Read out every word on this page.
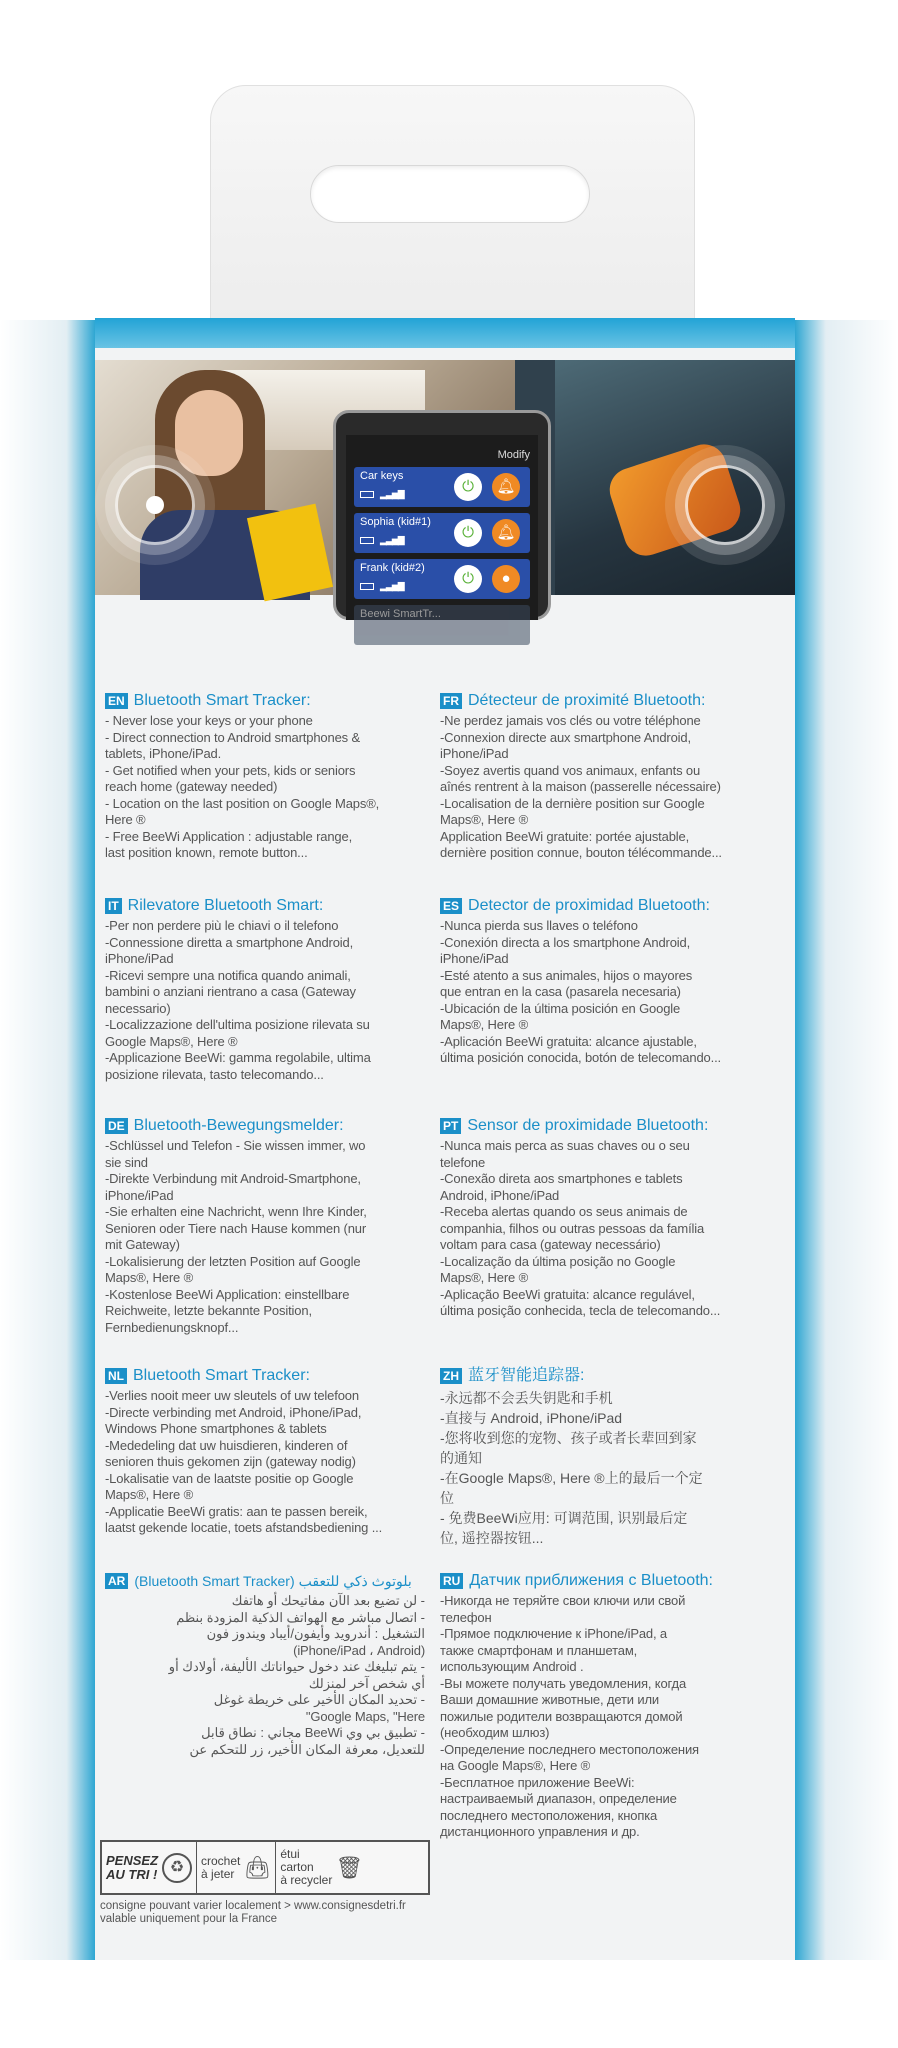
Modify
Car keys
▂▃▅▇	⏻	🔔︎
Sophia (kid#1)
▂▃▅▇	⏻	🔔︎
Frank (kid#2)
▂▃▅▇	⏻	●
Beewi SmartTr...
EN Bluetooth Smart Tracker:
- Never lose your keys or your phone
- Direct connection to Android smartphones &
tablets, iPhone/iPad.
- Get notified when your pets, kids or seniors
reach home (gateway needed)
- Location on the last position on Google Maps®,
Here ®
- Free BeeWi Application : adjustable range,
last position known, remote button...
IT Rilevatore Bluetooth Smart:
-Per non perdere più le chiavi o il telefono
-Connessione diretta a smartphone Android,
iPhone/iPad
-Ricevi sempre una notifica quando animali,
bambini o anziani rientrano a casa (Gateway
necessario)
-Localizzazione dell'ultima posizione rilevata su
Google Maps®, Here ®
-Applicazione BeeWi: gamma regolabile, ultima
posizione rilevata, tasto telecomando...
DE Bluetooth-Bewegungsmelder:
-Schlüssel und Telefon - Sie wissen immer, wo
sie sind
-Direkte Verbindung mit Android-Smartphone,
iPhone/iPad
-Sie erhalten eine Nachricht, wenn Ihre Kinder,
Senioren oder Tiere nach Hause kommen (nur
mit Gateway)
-Lokalisierung der letzten Position auf Google
Maps®, Here ®
-Kostenlose BeeWi Application: einstellbare
Reichweite, letzte bekannte Position,
Fernbedienungsknopf...
NL Bluetooth Smart Tracker:
-Verlies nooit meer uw sleutels of uw telefoon
-Directe verbinding met Android, iPhone/iPad,
Windows Phone smartphones & tablets
-Mededeling dat uw huisdieren, kinderen of
senioren thuis gekomen zijn (gateway nodig)
-Lokalisatie van de laatste positie op Google
Maps®, Here ®
-Applicatie BeeWi gratis: aan te passen bereik,
laatst gekende locatie, toets afstandsbediening ...
AR (Bluetooth Smart Tracker) بلوتوث ذكي للتعقب
- لن تضيع بعد الآن مفاتيحك أو هاتفك
- اتصال مباشر مع الهواتف الذكية المزودة بنظم
التشغيل : أندرويد وأيفون/أيباد ويندوز فون
(iPhone/iPad ، Android)
- يتم تبليغك عند دخول حيواناتك الأليفة، أولادك أو
أي شخص آخر لمنزلك
- تحديد المكان الأخير على خريطة غوغل
"Google Maps, "Here
- تطبيق بي وي BeeWi مجاني : نطاق قابل
للتعديل، معرفة المكان الأخير، زر للتحكم عن
FR Détecteur de proximité Bluetooth:
-Ne perdez jamais vos clés ou votre téléphone
-Connexion directe aux smartphone Android,
iPhone/iPad
-Soyez avertis quand vos animaux, enfants ou
aînés rentrent à la maison (passerelle nécessaire)
-Localisation de la dernière position sur Google
Maps®, Here ®
Application BeeWi gratuite: portée ajustable,
dernière position connue, bouton télécommande...
ES Detector de proximidad Bluetooth:
-Nunca pierda sus llaves o teléfono
-Conexión directa a los smartphone Android,
iPhone/iPad
-Esté atento a sus animales, hijos o mayores
que entran en la casa (pasarela necesaria)
-Ubicación de la última posición en Google
Maps®, Here ®
-Aplicación BeeWi gratuita: alcance ajustable,
última posición conocida, botón de telecomando...
PT Sensor de proximidade Bluetooth:
-Nunca mais perca as suas chaves ou o seu
telefone
-Conexão direta aos smartphones e tablets
Android, iPhone/iPad
-Receba alertas quando os seus animais de
companhia, filhos ou outras pessoas da família
voltam para casa (gateway necessário)
-Localização da última posição no Google
Maps®, Here ®
-Aplicação BeeWi gratuita: alcance regulável,
última posição conhecida, tecla de telecomando...
ZH 蓝牙智能追踪器:
-永远都不会丢失钥匙和手机
-直接与 Android, iPhone/iPad
-您将收到您的宠物、孩子或者长辈回到家
的通知
-在Google Maps®, Here ®上的最后一个定
位
- 免费BeeWi应用: 可调范围, 识别最后定
位, 遥控器按钮...
RU Датчик приближения с Bluetooth:
-Никогда не теряйте свои ключи или свой
телефон
-Прямое подключение к iPhone/iPad, а
также смартфонам и планшетам,
использующим Android .
-Вы можете получать уведомления, когда
Ваши домашние животные, дети или
пожилые родители возвращаются домой
(необходим шлюз)
-Определение последнего местоположения
на Google Maps®, Here ®
-Бесплатное приложение BeeWi:
настраиваемый диапазон, определение
последнего местоположения, кнопка
дистанционного управления и др.
PENSEZ
AU TRI ! ♻	crochet
à jeter 👜︎
étui
carton
à recycler 🗑︎
consigne pouvant varier localement > www.consignesdetri.fr
valable uniquement pour la France
